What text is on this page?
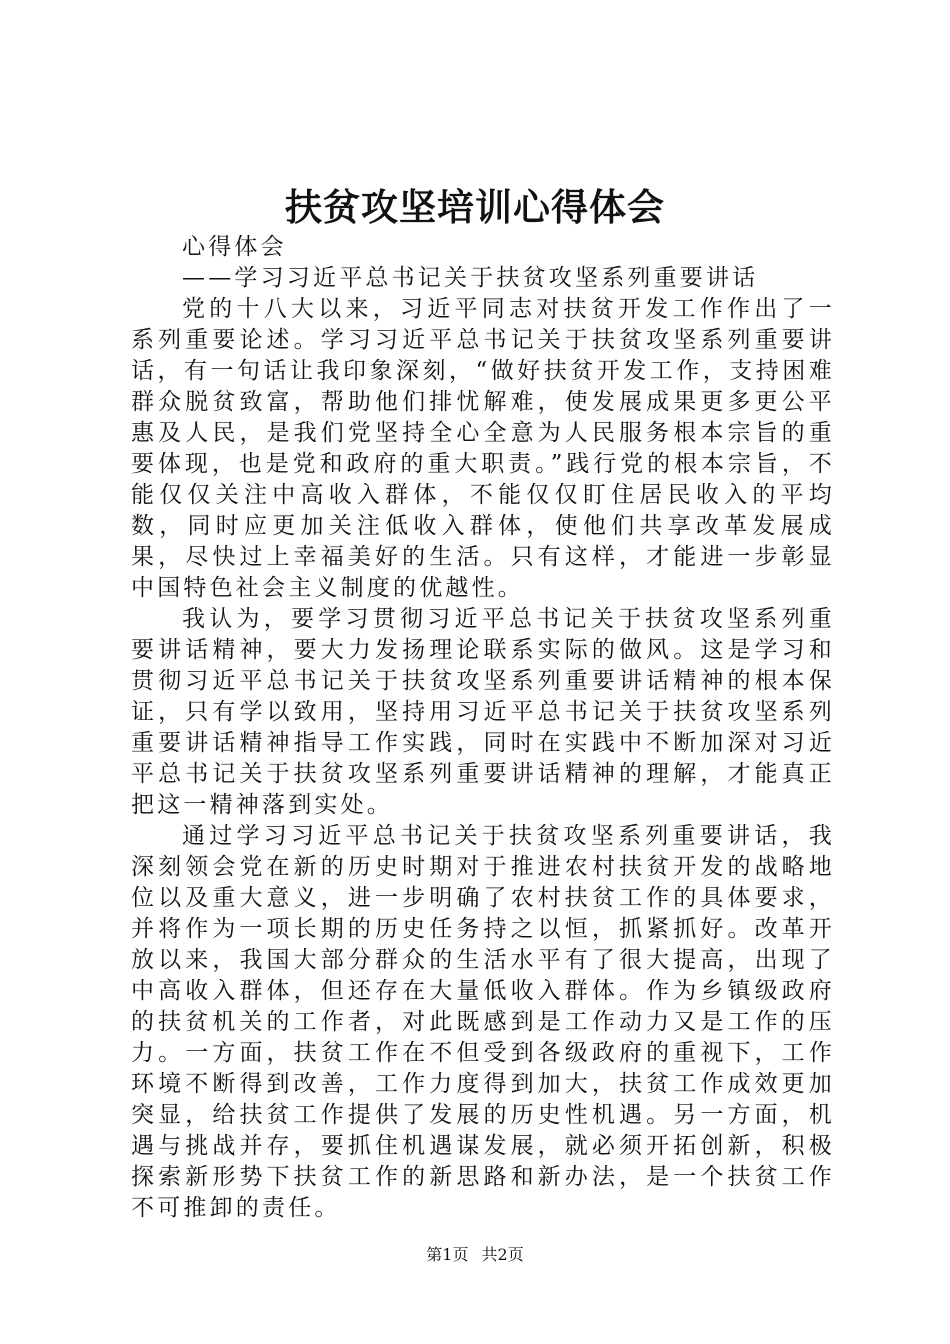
扶贫攻坚培训心得体会

心得体会

——学习习近平总书记关于扶贫攻坚系列重要讲话

党的十八大以来，习近平同志对扶贫开发工作作出了一系列重要论述。学习习近平总书记关于扶贫攻坚系列重要讲话，有一句话让我印象深刻，“做好扶贫开发工作，支持困难群众脱贫致富，帮助他们排忧解难，使发展成果更多更公平惠及人民，是我们党坚持全心全意为人民服务根本宗旨的重要体现，也是党和政府的重大职责。”践行党的根本宗旨，不能仅仅关注中高收入群体，不能仅仅盯住居民收入的平均数，同时应更加关注低收入群体，使他们共享改革发展成果，尽快过上幸福美好的生活。只有这样，才能进一步彰显中国特色社会主义制度的优越性。

我认为，要学习贯彻习近平总书记关于扶贫攻坚系列重要讲话精神，要大力发扬理论联系实际的做风。这是学习和贯彻习近平总书记关于扶贫攻坚系列重要讲话精神的根本保证，只有学以致用，坚持用习近平总书记关于扶贫攻坚系列重要讲话精神指导工作实践，同时在实践中不断加深对习近平总书记关于扶贫攻坚系列重要讲话精神的理解，才能真正把这一精神落到实处。

通过学习习近平总书记关于扶贫攻坚系列重要讲话，我深刻领会党在新的历史时期对于推进农村扶贫开发的战略地位以及重大意义，进一步明确了农村扶贫工作的具体要求，并将作为一项长期的历史任务持之以恒，抓紧抓好。改革开放以来，我国大部分群众的生活水平有了很大提高，出现了中高收入群体，但还存在大量低收入群体。作为乡镇级政府的扶贫机关的工作者，对此既感到是工作动力又是工作的压力。一方面，扶贫工作在不但受到各级政府的重视下，工作环境不断得到改善，工作力度得到加大，扶贫工作成效更加突显，给扶贫工作提供了发展的历史性机遇。另一方面，机遇与挑战并存，要抓住机遇谋发展，就必须开拓创新，积极探索新形势下扶贫工作的新思路和新办法，是一个扶贫工作不可推卸的责任。

第1页 共2页
